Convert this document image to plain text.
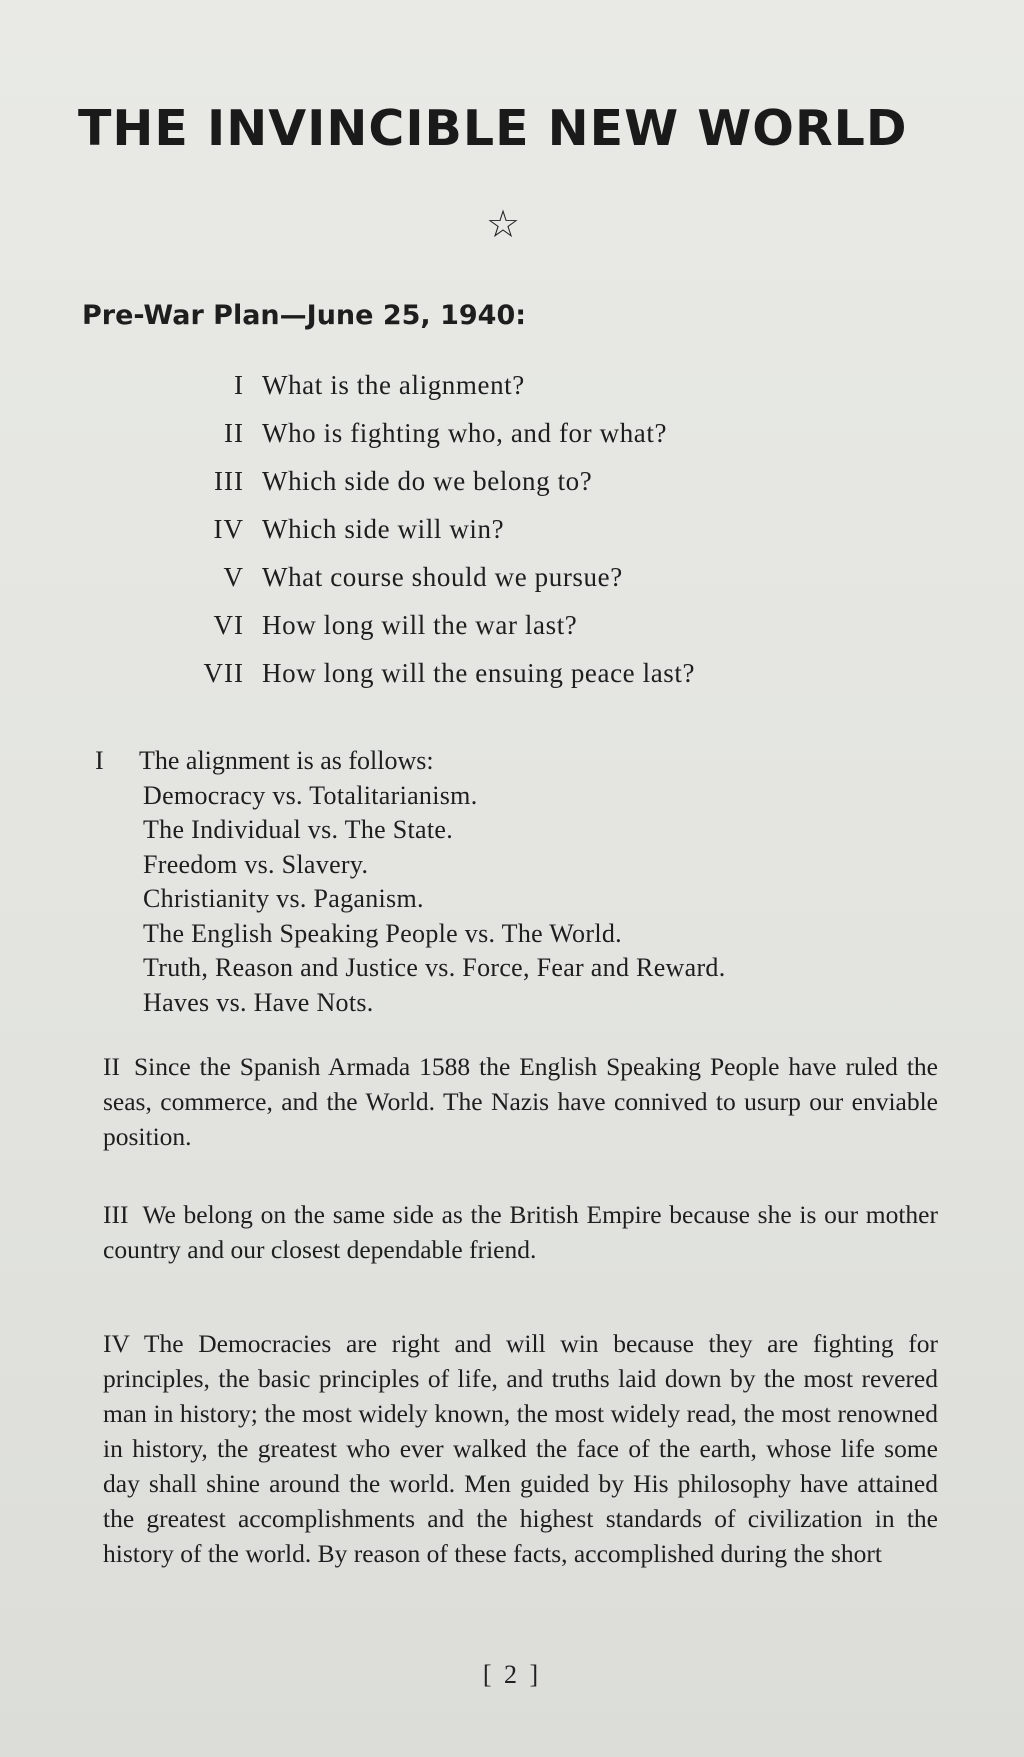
THE INVINCIBLE NEW WORLD
☆
Pre-War Plan—June 25, 1940:
I What is the alignment?
II Who is fighting who, and for what?
III Which side do we belong to?
IV Which side will win?
V What course should we pursue?
VI How long will the war last?
VII How long will the ensuing peace last?
I The alignment is as follows:
Democracy vs. Totalitarianism.
The Individual vs. The State.
Freedom vs. Slavery.
Christianity vs. Paganism.
The English Speaking People vs. The World.
Truth, Reason and Justice vs. Force, Fear and Reward.
Haves vs. Have Nots.

II Since the Spanish Armada 1588 the English Speaking People have ruled the seas, commerce, and the World. The Nazis have connived to usurp our enviable position.

III We belong on the same side as the British Empire because she is our mother country and our closest dependable friend.

IV The Democracies are right and will win because they are fighting for principles, the basic principles of life, and truths laid down by the most revered man in history; the most widely known, the most widely read, the most renowned in history, the greatest who ever walked the face of the earth, whose life some day shall shine around the world. Men guided by His philosophy have attained the greatest accomplishments and the highest standards of civilization in the history of the world. By reason of these facts, accomplished during the short

[ 2 ]
